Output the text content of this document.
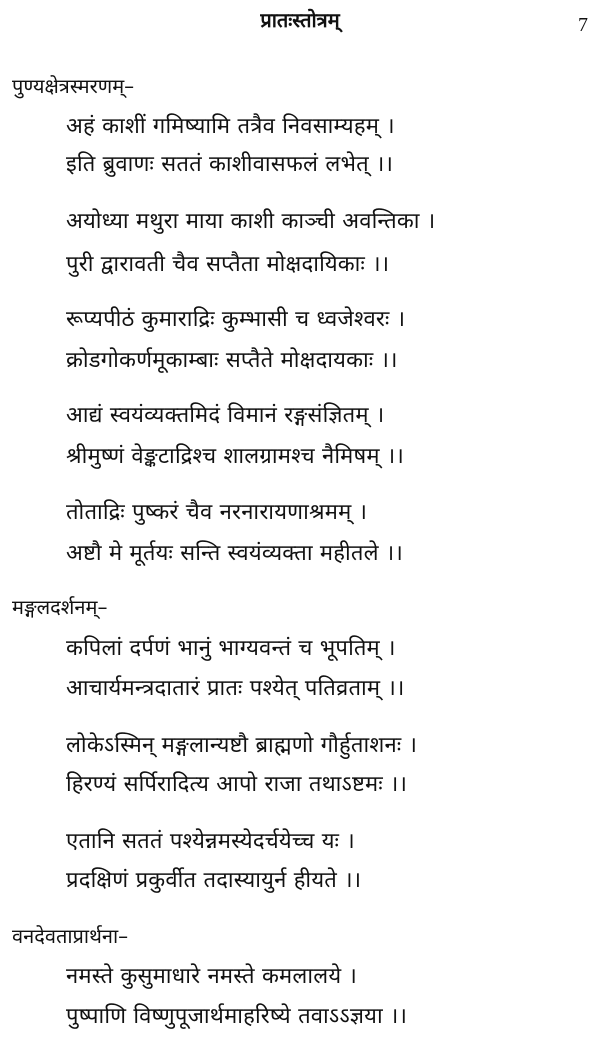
प्रातःस्तोत्रम्	7
पुण्यक्षेत्रस्मरणम्–
अहं काशीं गमिष्यामि तत्रैव निवसाम्यहम् ।
इति ब्रुवाणः सततं काशीवासफलं लभेत् ।।
अयोध्या मथुरा माया काशी काञ्ची अवन्तिका ।
पुरी द्वारावती चैव सप्तैता मोक्षदायिकाः ।।
रूप्यपीठं कुमाराद्रिः कुम्भासी च ध्वजेश्वरः ।
क्रोडगोकर्णमूकाम्बाः सप्तैते मोक्षदायकाः ।।
आद्यं स्वयंव्यक्तमिदं विमानं रङ्गसंज्ञितम् ।
श्रीमुष्णं वेङ्कटाद्रिश्च शालग्रामश्च नैमिषम् ।।
तोताद्रिः पुष्करं चैव नरनारायणाश्रमम् ।
अष्टौ मे मूर्तयः सन्ति स्वयंव्यक्ता महीतले ।।
मङ्गलदर्शनम्–
कपिलां दर्पणं भानुं भाग्यवन्तं च भूपतिम् ।
आचार्यमन्त्रदातारं प्रातः पश्येत् पतिव्रताम् ।।
लोकेऽस्मिन् मङ्गलान्यष्टौ ब्राह्मणो गौर्हुताशनः ।
हिरण्यं सर्पिरादित्य आपो राजा तथाऽष्टमः ।।
एतानि सततं पश्येन्नमस्येदर्चयेच्च यः ।
प्रदक्षिणं प्रकुर्वीत तदास्यायुर्न हीयते ।।
वनदेवताप्रार्थना–
नमस्ते कुसुमाधारे नमस्ते कमलालये ।
पुष्पाणि विष्णुपूजार्थमाहरिष्ये तवाऽऽज्ञया ।।
